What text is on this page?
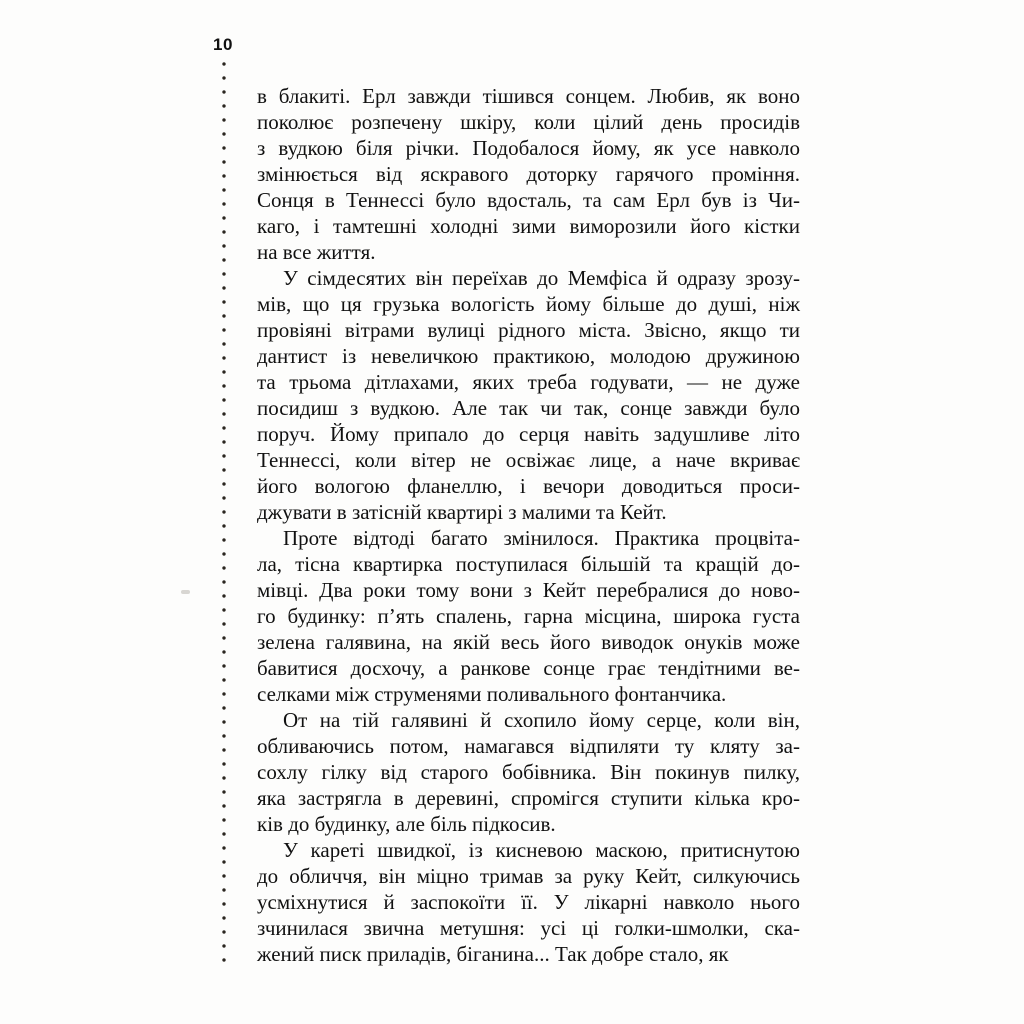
10

в блакиті. Ерл завжди тішився сонцем. Любив, як воно
поколює розпечену шкіру, коли цілий день просидів
з вудкою біля річки. Подобалося йому, як усе навколо
змінюється від яскравого доторку гарячого проміння.
Сонця в Теннессі було вдосталь, та сам Ерл був із Чи-
каго, і тамтешні холодні зими виморозили його кістки
на все життя.

У сімдесятих він переїхав до Мемфіса й одразу зрозу-
мів, що ця грузька вологість йому більше до душі, ніж
провіяні вітрами вулиці рідного міста. Звісно, якщо ти
дантист із невеличкою практикою, молодою дружиною
та трьома дітлахами, яких треба годувати, — не дуже
посидиш з вудкою. Але так чи так, сонце завжди було
поруч. Йому припало до серця навіть задушливе літо
Теннессі, коли вітер не освіжає лице, а наче вкриває
його вологою фланеллю, і вечори доводиться проси-
джувати в затісній квартирі з малими та Кейт.

Проте відтоді багато змінилося. Практика процвіта-
ла, тісна квартирка поступилася більшій та кращій до-
мівці. Два роки тому вони з Кейт перебралися до ново-
го будинку: п’ять спалень, гарна місцина, широка густа
зелена галявина, на якій весь його виводок онуків може
бавитися досхочу, а ранкове сонце грає тендітними ве-
селками між струменями поливального фонтанчика.

От на тій галявині й схопило йому серце, коли він,
обливаючись потом, намагався відпиляти ту кляту за-
сохлу гілку від старого бобівника. Він покинув пилку,
яка застрягла в деревині, спромігся ступити кілька кро-
ків до будинку, але біль підкосив.

У кареті швидкої, із кисневою маскою, притиснутою
до обличчя, він міцно тримав за руку Кейт, силкуючись
усміхнутися й заспокоїти її. У лікарні навколо нього
зчинилася звична метушня: усі ці голки-шмолки, ска-
жений писк приладів, біганина... Так добре стало, як
